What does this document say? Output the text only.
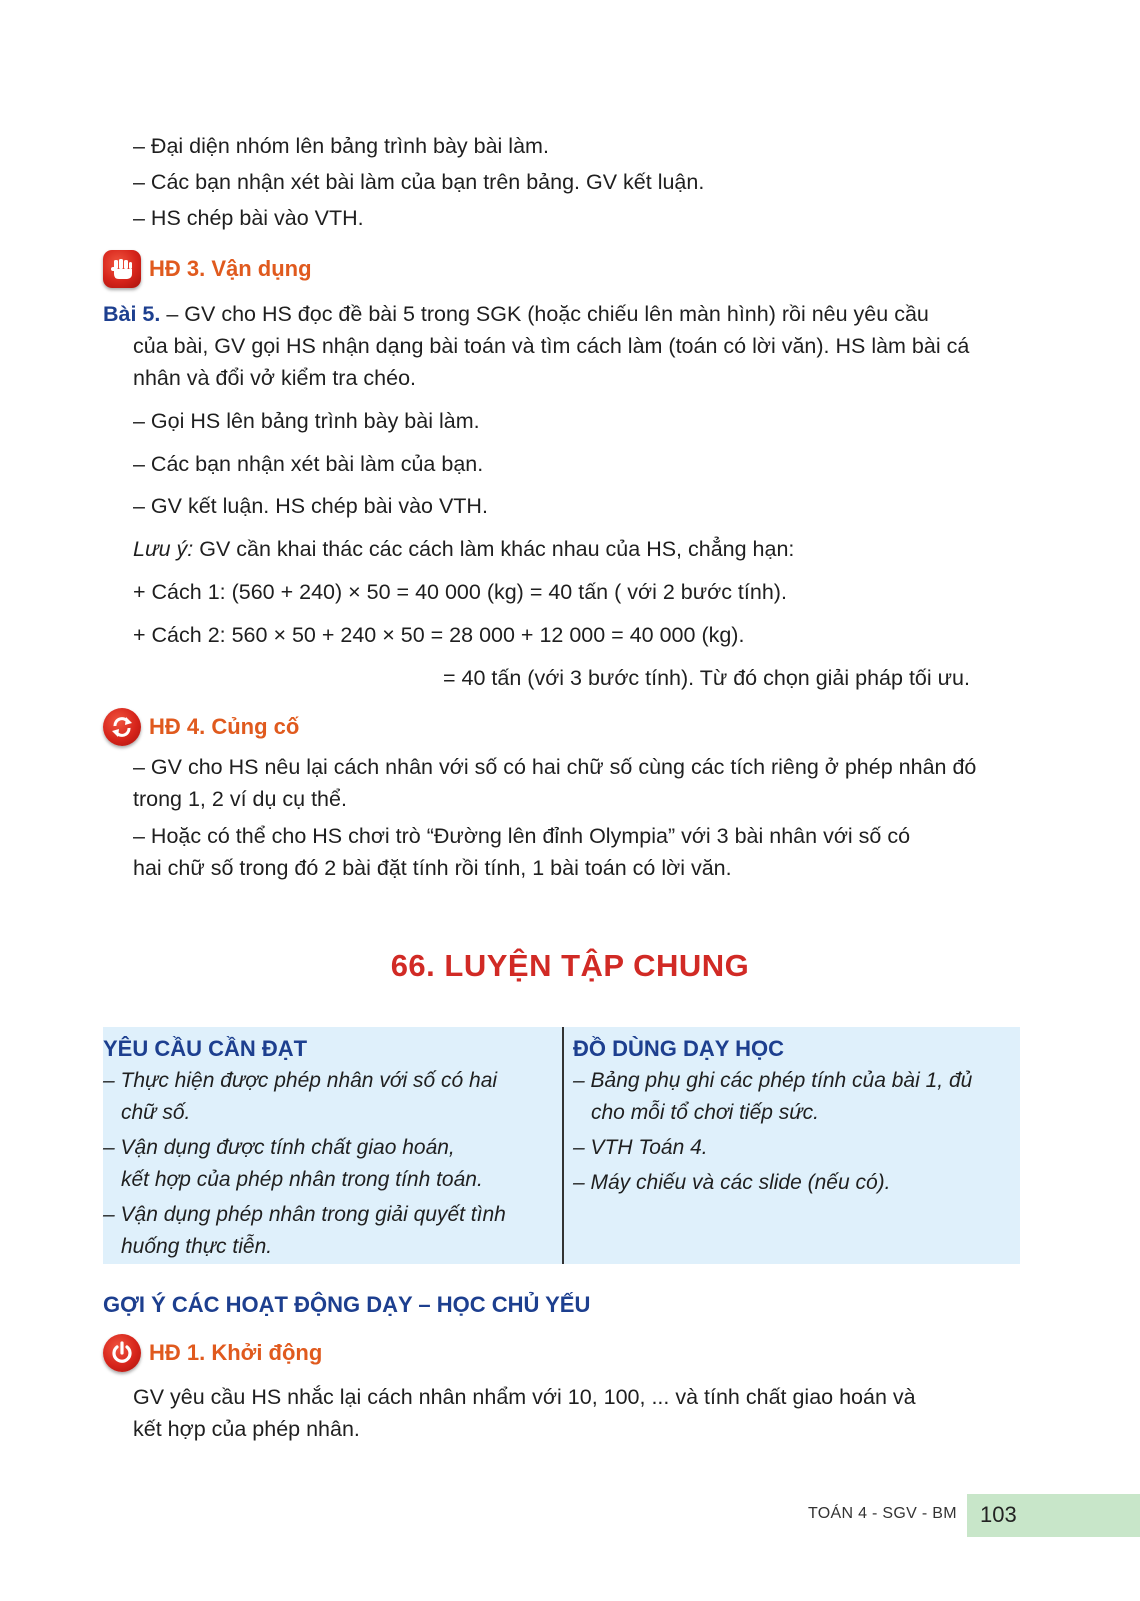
– Đại diện nhóm lên bảng trình bày bài làm.
– Các bạn nhận xét bài làm của bạn trên bảng. GV kết luận.
– HS chép bài vào VTH.
HĐ 3. Vận dụng
Bài 5. – GV cho HS đọc đề bài 5 trong SGK (hoặc chiếu lên màn hình) rồi nêu yêu cầu
của bài, GV gọi HS nhận dạng bài toán và tìm cách làm (toán có lời văn). HS làm bài cá
nhân và đổi vở kiểm tra chéo.
– Gọi HS lên bảng trình bày bài làm.
– Các bạn nhận xét bài làm của bạn.
– GV kết luận. HS chép bài vào VTH.
Lưu ý: GV cần khai thác các cách làm khác nhau của HS, chẳng hạn:
+ Cách 1: (560 + 240) × 50 = 40 000 (kg) = 40 tấn ( với 2 bước tính).
+ Cách 2: 560 × 50 + 240 × 50 = 28 000 + 12 000 = 40 000 (kg).
= 40 tấn (với 3 bước tính). Từ đó chọn giải pháp tối ưu.
HĐ 4. Củng cố
– GV cho HS nêu lại cách nhân với số có hai chữ số cùng các tích riêng ở phép nhân đó
trong 1, 2 ví dụ cụ thể.
– Hoặc có thể cho HS chơi trò “Đường lên đỉnh Olympia” với 3 bài nhân với số có
hai chữ số trong đó 2 bài đặt tính rồi tính, 1 bài toán có lời văn.
66. LUYỆN TẬP CHUNG
YÊU CẦU CẦN ĐẠT
– Thực hiện được phép nhân với số có hai
chữ số.
– Vận dụng được tính chất giao hoán,
kết hợp của phép nhân trong tính toán.
– Vận dụng phép nhân trong giải quyết tình
huống thực tiễn.
ĐỒ DÙNG DẠY HỌC
– Bảng phụ ghi các phép tính của bài 1, đủ
cho mỗi tổ chơi tiếp sức.
– VTH Toán 4.
– Máy chiếu và các slide (nếu có).
GỢI Ý CÁC HOẠT ĐỘNG DẠY – HỌC CHỦ YẾU
HĐ 1. Khởi động
GV yêu cầu HS nhắc lại cách nhân nhẩm với 10, 100, ... và tính chất giao hoán và
kết hợp của phép nhân.
TOÁN 4 - SGV - BM 103
